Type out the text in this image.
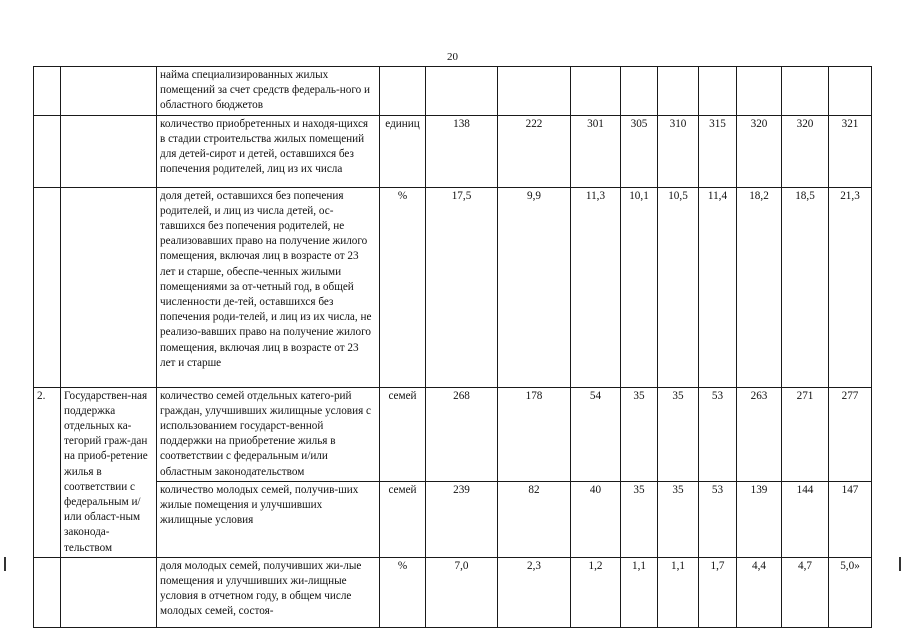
20
		найма специализированных жилых помещений за счет средств федераль-ного и областного бюджетов										
		количество приобретенных и находя-щихся в стадии строительства жилых помещений для детей-сирот и детей, оставшихся без попечения родителей, лиц из их числа	единиц	138	222	301	305	310	315	320	320	321
		доля детей, оставшихся без попечения родителей, и лиц из числа детей, ос-тавшихся без попечения родителей, не реализовавших право на получение жилого помещения, включая лиц в возрасте от 23 лет и старше, обеспе-ченных жилыми помещениями за от-четный год, в общей численности де-тей, оставшихся без попечения роди-телей, и лиц из их числа, не реализо-вавших право на получение жилого помещения, включая лиц в возрасте от 23 лет и старше	%	17,5	9,9	11,3	10,1	10,5	11,4	18,2	18,5	21,3
2.	Государствен-ная поддержка отдельных ка-тегорий граж-дан на приоб-ретение жилья в соответствии с федеральным и/или област-ным законода-тельством	количество семей отдельных катего-рий граждан, улучшивших жилищные условия с использованием государст-венной поддержки на приобретение жилья в соответствии с федеральным и/или областным законодательством	семей	268	178	54	35	35	53	263	271	277
		количество молодых семей, получив-ших жилые помещения и улучшивших жилищные условия	семей	239	82	40	35	35	53	139	144	147
		доля молодых семей, получивших жи-лые помещения и улучшивших жи-лищные условия в отчетном году, в общем числе молодых семей, состоя-	%	7,0	2,3	1,2	1,1	1,1	1,7	4,4	4,7	5,0»
